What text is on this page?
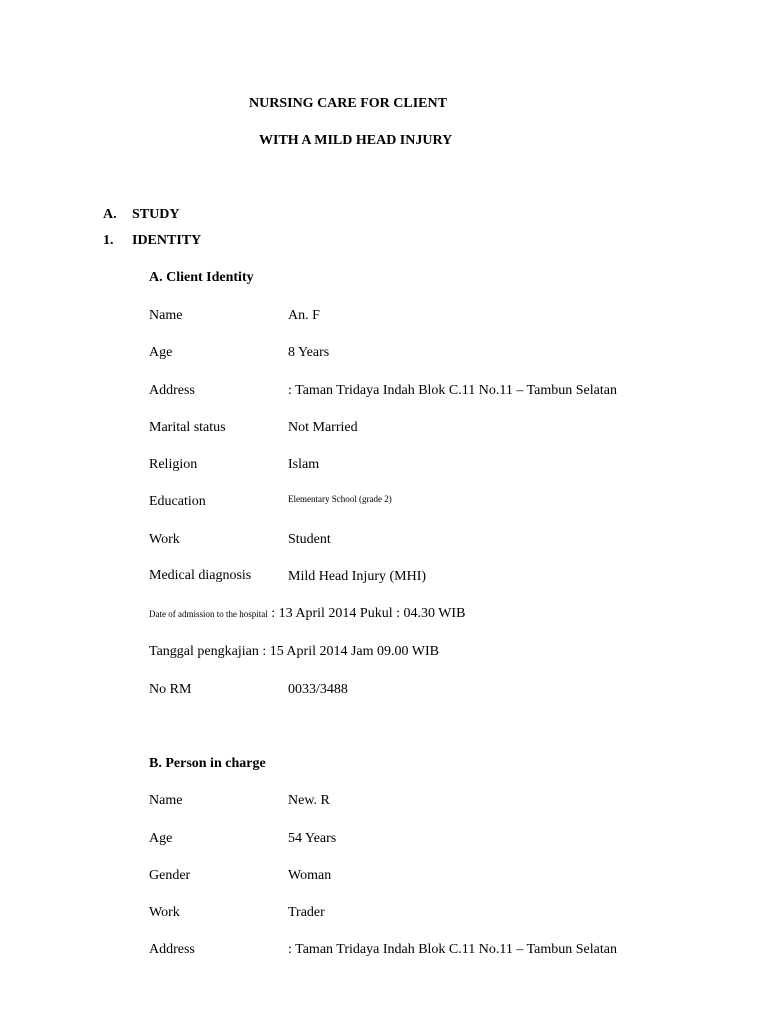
NURSING CARE FOR CLIENT
WITH A MILD HEAD INJURY
A. STUDY
1. IDENTITY
A. Client Identity
Name	An. F
Age	8 Years
Address	: Taman Tridaya Indah Blok C.11 No.11 – Tambun Selatan
Marital status	Not Married
Religion	Islam
Education	Elementary School (grade 2)
Work	Student
Medical diagnosis	Mild Head Injury (MHI)
Date of admission to the hospital : 13 April 2014 Pukul : 04.30 WIB
Tanggal pengkajian : 15 April 2014 Jam 09.00 WIB
No RM	0033/3488
B. Person in charge
Name	New. R
Age	54 Years
Gender	Woman
Work	Trader
Address	: Taman Tridaya Indah Blok C.11 No.11 – Tambun Selatan
